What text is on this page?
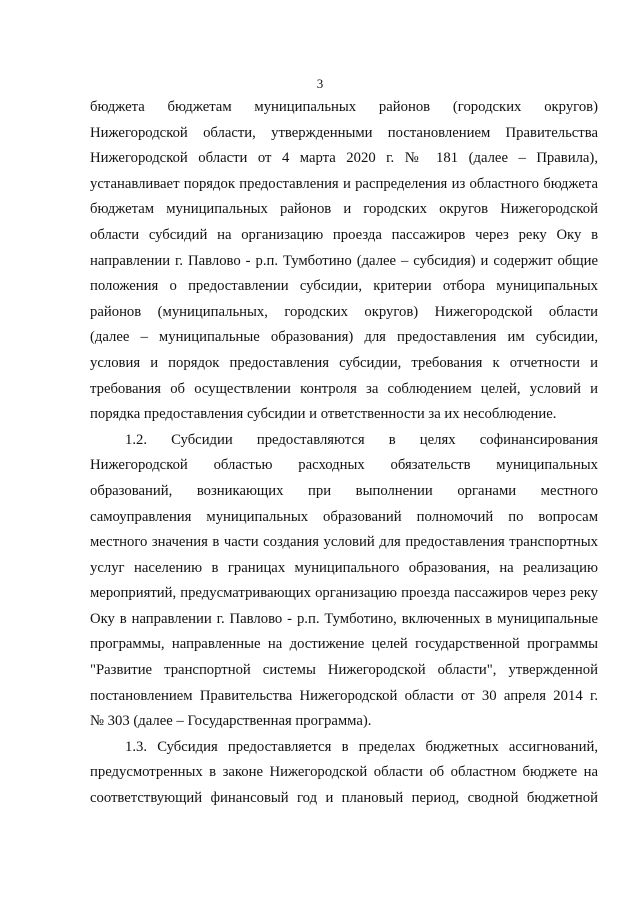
3
бюджета бюджетам муниципальных районов (городских округов)
Нижегородской области, утвержденными постановлением Правительства
Нижегородской области от 4 марта 2020 г. № 181 (далее – Правила),
устанавливает порядок предоставления и распределения из областного бюджета
бюджетам муниципальных районов и городских округов Нижегородской
области субсидий на организацию проезда пассажиров через реку Оку в
направлении г. Павлово - р.п. Тумботино (далее – субсидия) и содержит общие
положения о предоставлении субсидии, критерии отбора муниципальных
районов (муниципальных, городских округов) Нижегородской области
(далее – муниципальные образования) для предоставления им субсидии,
условия и порядок предоставления субсидии, требования к отчетности и
требования об осуществлении контроля за соблюдением целей, условий и
порядка предоставления субсидии и ответственности за их несоблюдение.
1.2. Субсидии предоставляются в целях софинансирования
Нижегородской областью расходных обязательств муниципальных
образований, возникающих при выполнении органами местного
самоуправления муниципальных образований полномочий по вопросам
местного значения в части создания условий для предоставления транспортных
услуг населению в границах муниципального образования, на реализацию
мероприятий, предусматривающих организацию проезда пассажиров через реку
Оку в направлении г. Павлово - р.п. Тумботино, включенных в муниципальные
программы, направленные на достижение целей государственной программы
"Развитие транспортной системы Нижегородской области", утвержденной
постановлением Правительства Нижегородской области от 30 апреля 2014 г.
№ 303 (далее – Государственная программа).
1.3. Субсидия предоставляется в пределах бюджетных ассигнований,
предусмотренных в законе Нижегородской области об областном бюджете на
соответствующий финансовый год и плановый период, сводной бюджетной
